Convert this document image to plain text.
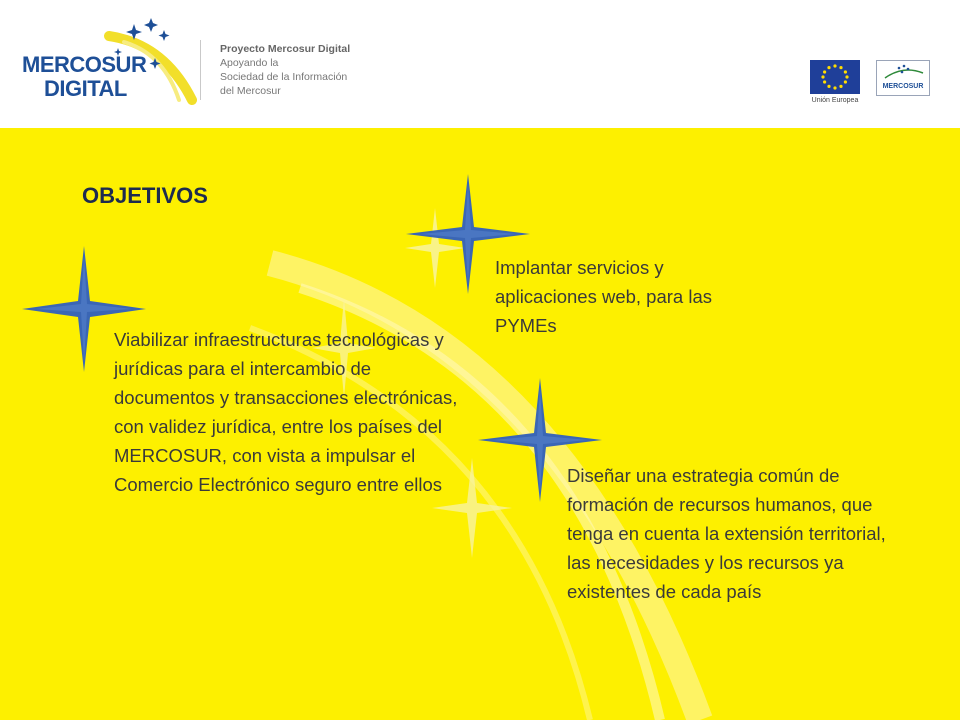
MERCOSUR
DIGITAL
Proyecto Mercosur Digital
Apoyando la
Sociedad de la Información
del Mercosur
Unión Europea
MERCOSUR
OBJETIVOS
Viabilizar infraestructuras tecnológicas y jurídicas para el intercambio de documentos y transacciones electrónicas, con validez jurídica, entre los países del MERCOSUR, con vista a impulsar el Comercio Electrónico seguro entre ellos
Implantar servicios y aplicaciones web, para las PYMEs
Diseñar una estrategia común de formación de recursos humanos, que tenga en cuenta la extensión territorial, las necesidades y los recursos ya existentes de cada país
